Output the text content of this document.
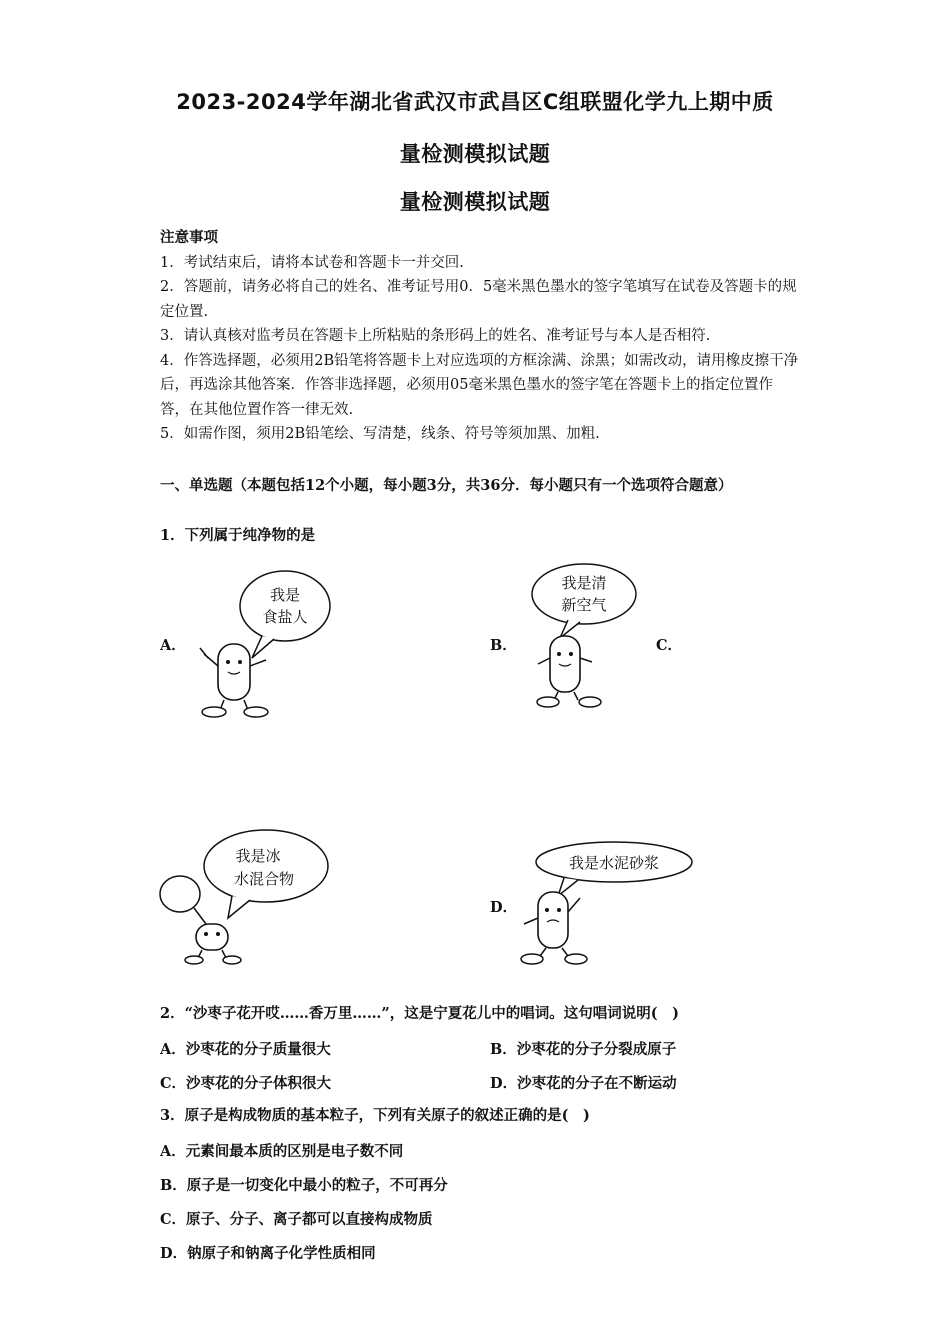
2023-2024学年湖北省武汉市武昌区C组联盟化学九上期中质
量检测模拟试题
量检测模拟试题

注意事项

1．考试结束后，请将本试卷和答题卡一并交回.

2．答题前，请务必将自己的姓名、准考证号用0．5毫米黑色墨水的签字笔填写在试卷及答题卡的规定位置.

3．请认真核对监考员在答题卡上所粘贴的条形码上的姓名、准考证号与本人是否相符.

4．作答选择题，必须用2B铅笔将答题卡上对应选项的方框涂满、涂黑；如需改动，请用橡皮擦干净后，再选涂其他答案．作答非选择题，必须用05毫米黑色墨水的签字笔在答题卡上的指定位置作答，在其他位置作答一律无效.

5．如需作图，须用2B铅笔绘、写清楚，线条、符号等须加黑、加粗.

一、单选题（本题包括12个小题，每小题3分，共36分．每小题只有一个选项符合题意）
1．下列属于纯净物的是
A．
我是
食盐人
B．
我是清
新空气
C．
我是冰
水混合物
D．
我是水泥砂浆
2．“沙枣子花开哎……香万里……”，这是宁夏花儿中的唱词。这句唱词说明(　)
A．沙枣花的分子质量很大	B．沙枣花的分子分裂成原子
C．沙枣花的分子体积很大	D．沙枣花的分子在不断运动
3．原子是构成物质的基本粒子，下列有关原子的叙述正确的是(　)
A．元素间最本质的区别是电子数不同
B．原子是一切变化中最小的粒子，不可再分
C．原子、分子、离子都可以直接构成物质
D．钠原子和钠离子化学性质相同
